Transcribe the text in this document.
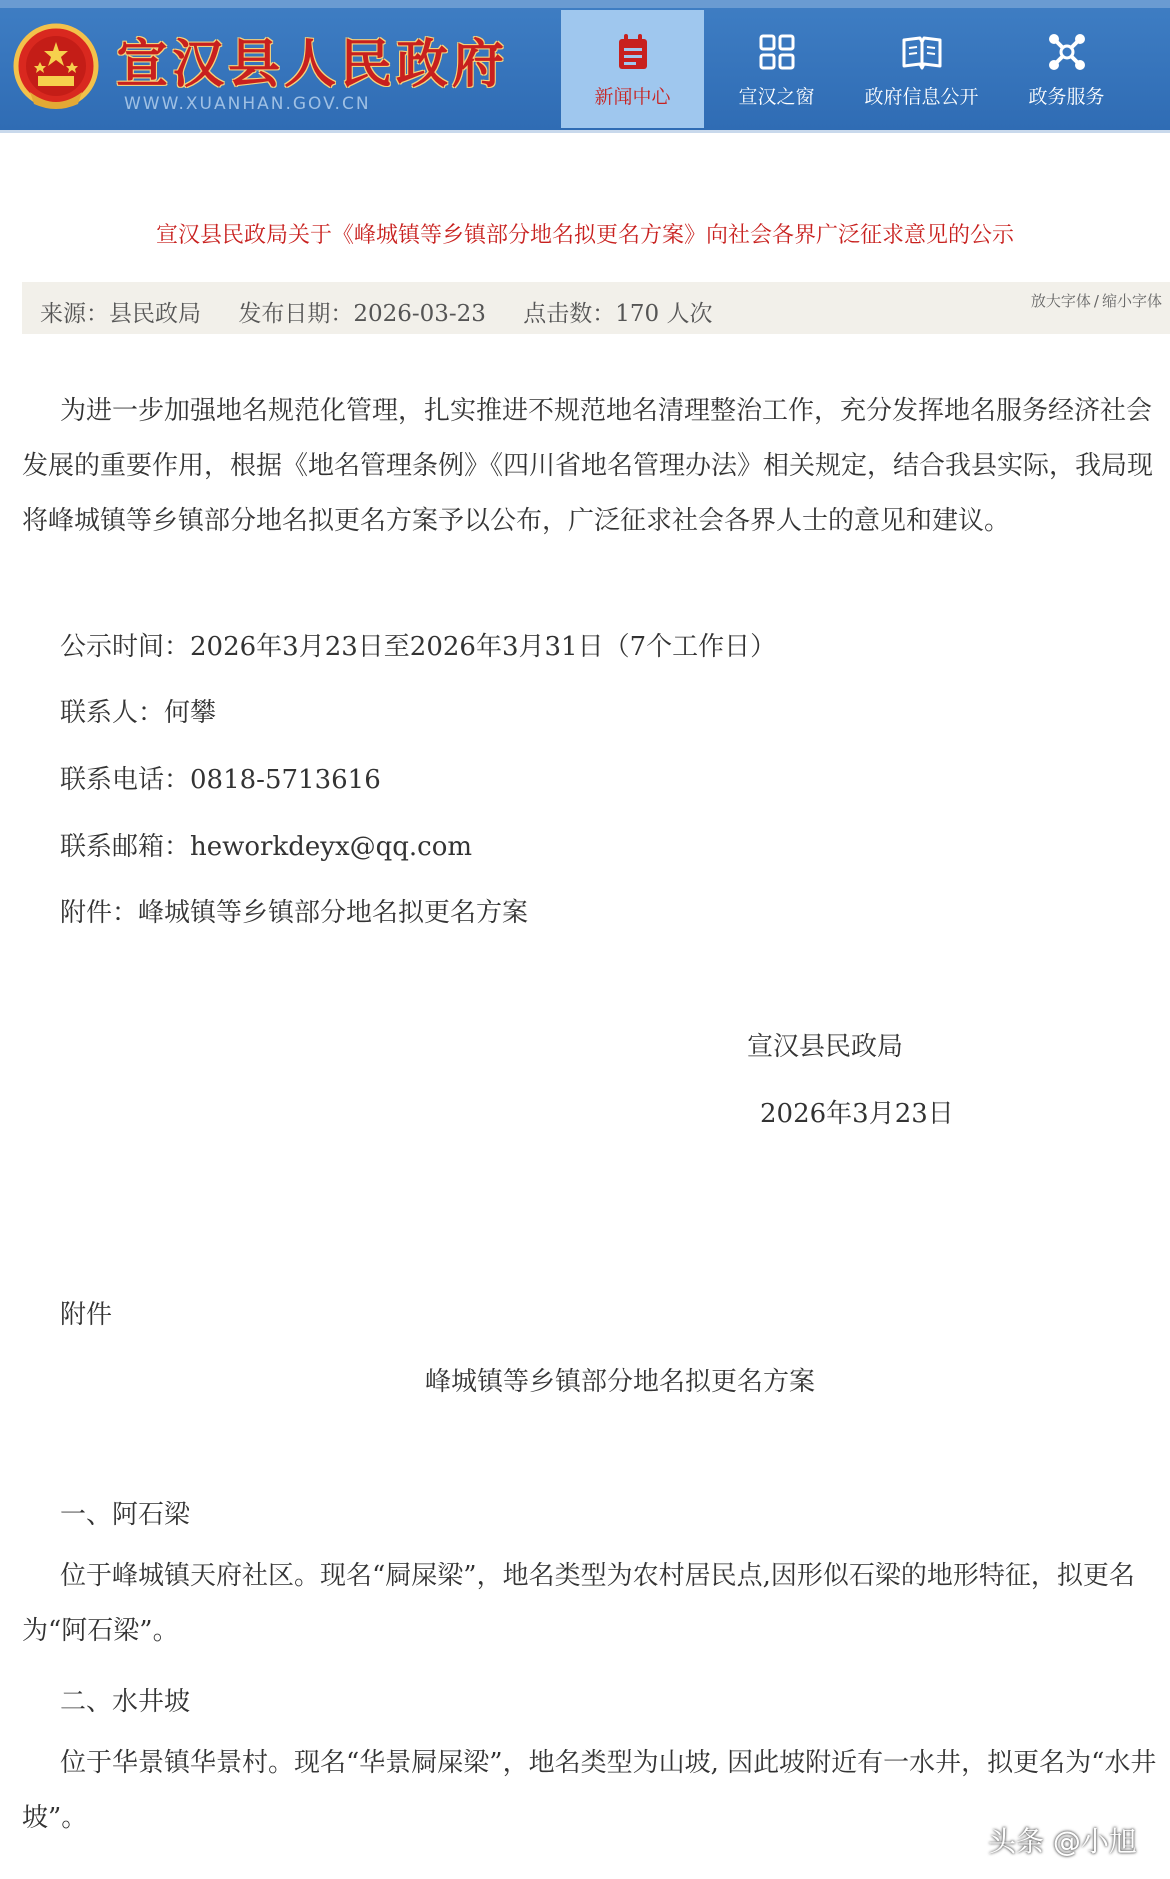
宣汉县人民政府
WWW.XUANHAN.GOV.CN	新闻中心	宣汉之窗	政府信息公开	政务服务
宣汉县民政局关于《峰城镇等乡镇部分地名拟更名方案》向社会各界广泛征求意见的公示
来源：县民政局 发布日期：2026-03-23 点击数：170 人次	放大字体 / 缩小字体
为进一步加强地名规范化管理，扎实推进不规范地名清理整治工作，充分发挥地名服务经济社会发展的重要作用，根据《地名管理条例》《四川省地名管理办法》相关规定，结合我县实际，我局现将峰城镇等乡镇部分地名拟更名方案予以公布，广泛征求社会各界人士的意见和建议。
公示时间：2026年3月23日至2026年3月31日（7个工作日）
联系人：何攀
联系电话：0818-5713616
联系邮箱：heworkdeyx@qq.com
附件：峰城镇等乡镇部分地名拟更名方案
宣汉县民政局
2026年3月23日
附件
峰城镇等乡镇部分地名拟更名方案
一、阿石梁
位于峰城镇天府社区。现名“屙屎梁”，地名类型为农村居民点,因形似石梁的地形特征，拟更名为“阿石梁”。
二、水井坡
位于华景镇华景村。现名“华景屙屎梁”，地名类型为山坡, 因此坡附近有一水井，拟更名为“水井坡”。
头条 @小旭
